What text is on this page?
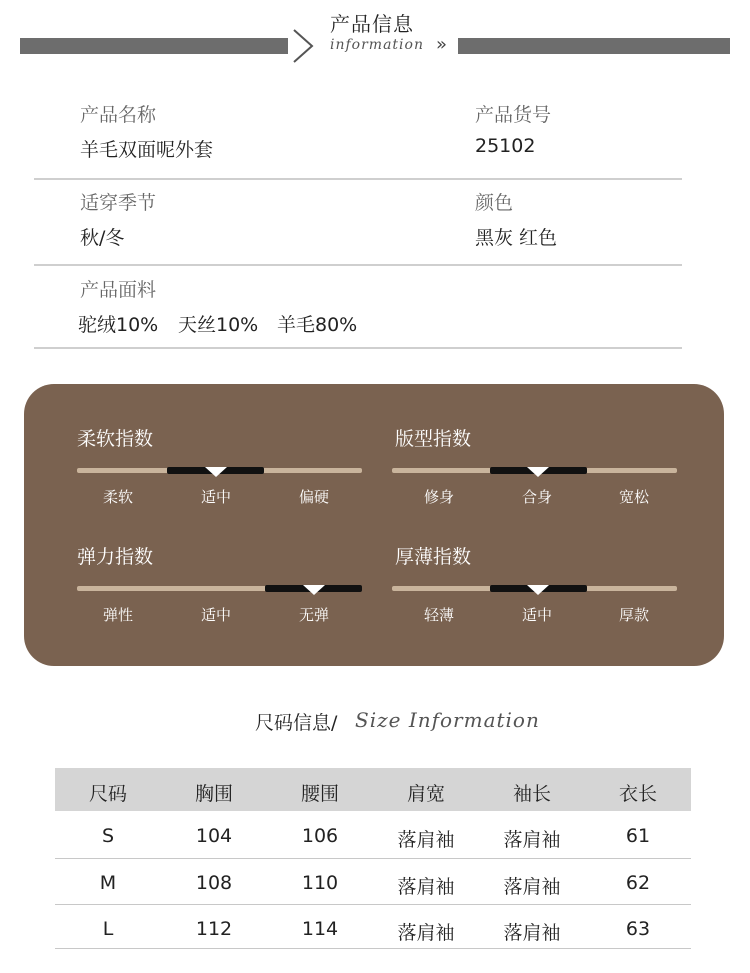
»
产品信息
information
产品名称
羊毛双面呢外套
产品货号
25102
适穿季节
秋/冬
颜色
黑灰 红色
产品面料
驼绒10% 天丝10% 羊毛80%
柔软指数
柔软	适中	偏硬
版型指数
修身	合身	宽松
弹力指数
弹性	适中	无弹
厚薄指数
轻薄	适中	厚款
尺码信息/ Size Information
尺码	胸围	腰围	肩宽	袖长	衣长
S	104	106	落肩袖	落肩袖	61
M	108	110	落肩袖	落肩袖	62
L	112	114	落肩袖	落肩袖	63
